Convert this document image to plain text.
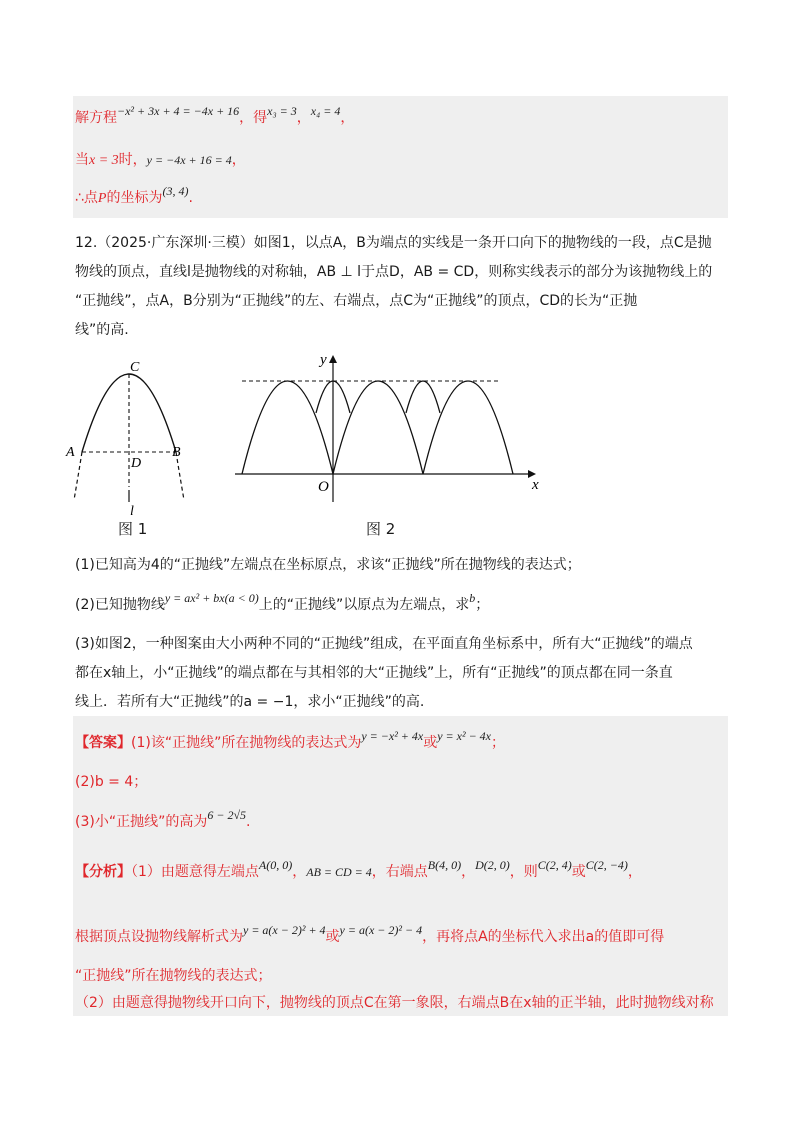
解方程−x² + 3x + 4 = −4x + 16，得x₃ = 3，x₄ = 4，
当x = 3时，y = −4x + 16 = 4，
∴点P的坐标为(3, 4).
12.（2025·广东深圳·三模）如图1，以点A，B为端点的实线是一条开口向下的抛物线的一段，点C是抛
物线的顶点，直线l是抛物线的对称轴，AB ⊥ l于点D，AB = CD，则称实线表示的部分为该抛物线上的
“正抛线”，点A，B分别为“正抛线”的左、右端点，点C为“正抛线”的顶点，CD的长为“正抛
线”的高.
C
A	B
D
l
图 1
y
x
O
图 2
(1)已知高为4的“正抛线”左端点在坐标原点，求该“正抛线”所在抛物线的表达式；
(2)已知抛物线y = ax² + bx(a < 0)上的“正抛线”以原点为左端点，求b；
(3)如图2，一种图案由大小两种不同的“正抛线”组成，在平面直角坐标系中，所有大“正抛线”的端点
都在x轴上，小“正抛线”的端点都在与其相邻的大“正抛线”上，所有“正抛线”的顶点都在同一条直
线上．若所有大“正抛线”的a = −1，求小“正抛线”的高.
【答案】(1)该“正抛线”所在抛物线的表达式为y = −x² + 4x或y = x² − 4x；
(2)b = 4；
(3)小“正抛线”的高为6 − 2√5.
【分析】（1）由题意得左端点A(0, 0)，AB = CD = 4，右端点B(4, 0)，D(2, 0)，则C(2, 4)或C(2, −4)，
根据顶点设抛物线解析式为y = a(x − 2)² + 4或y = a(x − 2)² − 4，再将点A的坐标代入求出a的值即可得
“正抛线”所在抛物线的表达式；
（2）由题意得抛物线开口向下，抛物线的顶点C在第一象限，右端点B在x轴的正半轴，此时抛物线对称
